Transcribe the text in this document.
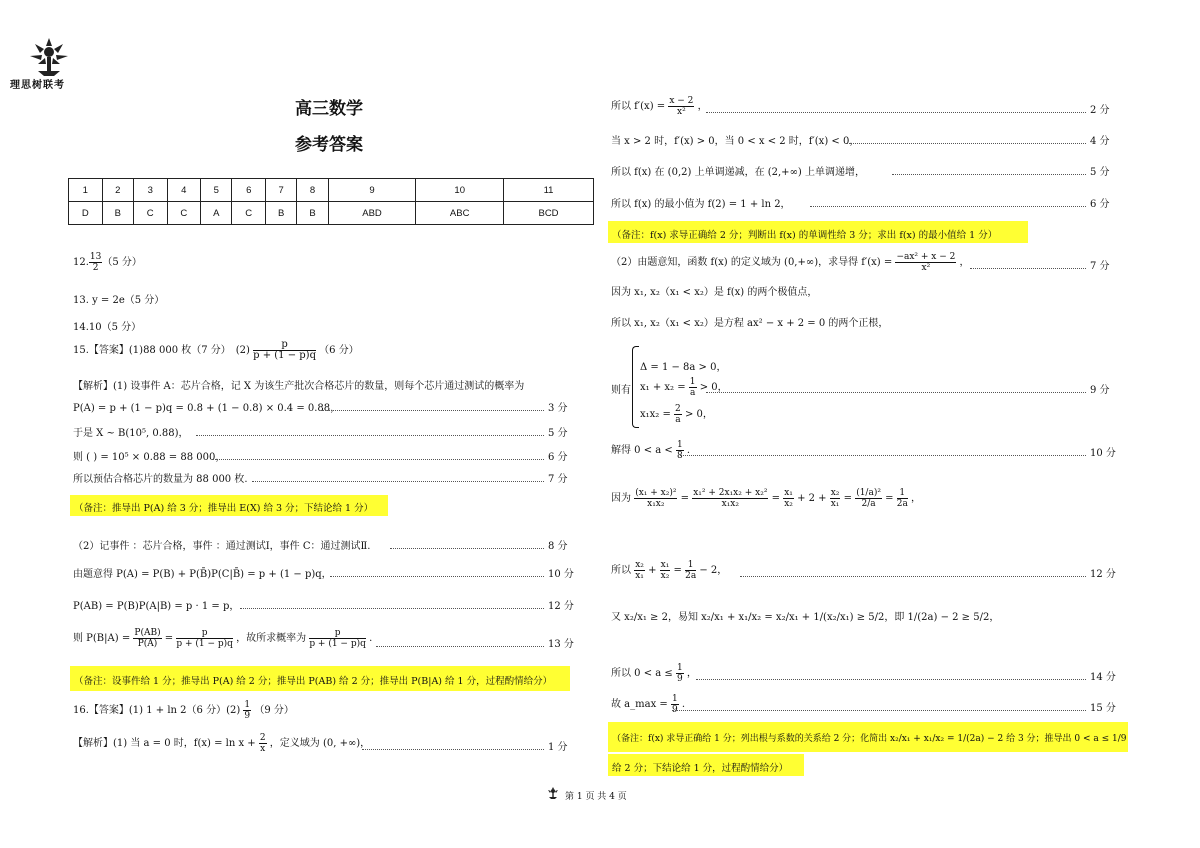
理思树联考
高三数学
参考答案
1	2	3	4	5	6	7	8	9	10	11
D	B	C	C	A	C	B	B	ABD	ABC	BCD
12. $\frac{13}{2} (5$ 分）
13. y = 2e（5 分）
14.10（5 分）
15.【答案】(1)88 000 枚（7 分）　$(2) \frac{p}{p + (1 - p)q} (6$ 分）
【解析】(1) 设事件 A：芯片合格，记 X 为该生产批次合格芯片的数量，则每个芯片通过测试的概率为
P(A) = p + (1 − p)q = 0.8 + (1 − 0.8) × 0.4 = 0.88，	3 分
于是 X ~ B(10⁵, 0.88)，	5 分
则 ( ) = 10⁵ × 0.88 = 88 000，	6 分
所以预估合格芯片的数量为 88 000 枚.	7 分
（备注：推导出 P(A) 给 3 分；推导出 E(X) 给 3 分；下结论给 1 分）
（2）记事件 ：芯片合格，事件 ：通过测试Ⅰ，事件 C：通过测试Ⅱ.	8 分
由题意得 P(A) = P(B) + P(B̄)P(C|B̄) = p + (1 − p)q，	10 分
P(AB) = P(B)P(A|B) = p · 1 = p，	12 分
则 $P(B|A) = \frac{P(AB)}{P(A)} = \frac{p}{p + (1 - p)q}$ ，故所求概率为 $\frac{p}{p + (1 - p)q}$ .
13 分
（备注：设事件给 1 分；推导出 P(A) 给 2 分；推导出 P(AB) 给 2 分；推导出 P(B|A) 给 1 分，过程酌情给分）
16.【答案】(1) 1 + ln 2（6 分）$(2) \frac{1}{9} (9$ 分）
【解析】(1) 当 a = 0 时，$f(x) = \ln x + \frac{2}{x}$ ，定义域为 (0, +∞)，	1 分
所以 $f'(x) = \frac{x - 2}{\text{x²}}$ ，	2 分
当 x > 2 时，f′(x) > 0，当 0 < x < 2 时，f′(x) < 0，	4 分
所以 f(x) 在 (0,2) 上单调递减，在 (2,+∞) 上单调递增，	5 分
所以 f(x) 的最小值为 f(2) = 1 + ln 2，	6 分
（备注：f(x) 求导正确给 2 分；判断出 f(x) 的单调性给 3 分；求出 f(x) 的最小值给 1 分）
（2）由题意知，函数 f(x) 的定义域为 (0,+∞)，求导得 $f'(x) = \frac{\text{−ax² + x − 2}}{\text{x²}}$ ，	7 分
因为 x₁, x₂（x₁ < x₂）是 f(x) 的两个极值点，
所以 x₁, x₂（x₁ < x₂）是方程 ax² − x + 2 = 0 的两个正根，
则有
Δ = 1 − 8a > 0，
$x_1 + x_2 = \frac{1}{a} > 0$，	9 分
$x_1x_2 = \frac{2}{a} > 0$，
解得 $0 < a < \frac{1}{8}$ .	10 分
因为 $\frac{\text{(x₁ + x₂)²}}{\text{x₁x₂}} = \frac{\text{x₁² + 2x₁x₂ + x₂²}}{\text{x₁x₂}} = \frac{\text{x₁}}{\text{x₂}} + 2 + \frac{\text{x₂}}{\text{x₁}} = \frac{\text{(1/a)²}}{2/a} = \frac{1}{2a}$ ，
所以 $\frac{\text{x₂}}{\text{x₁}} + \frac{\text{x₁}}{\text{x₂}} = \frac{1}{2a} - 2$，	12 分
又 x₂/x₁ ≥ 2，易知 x₂/x₁ + x₁/x₂ = x₂/x₁ + 1/(x₂/x₁) ≥ 5/2，即 1/(2a) − 2 ≥ 5/2，
所以 $0 < a \le \frac{1}{9}$ ，	14 分
故 a_max = $\frac{1}{9}$ .	15 分
（备注：f(x) 求导正确给 1 分；列出根与系数的关系给 2 分；化简出 x₂/x₁ + x₁/x₂ = 1/(2a) − 2 给 3 分；推导出 0 < a ≤ 1/9
给 2 分；下结论给 1 分，过程酌情给分）
第 1 页 共 4 页
